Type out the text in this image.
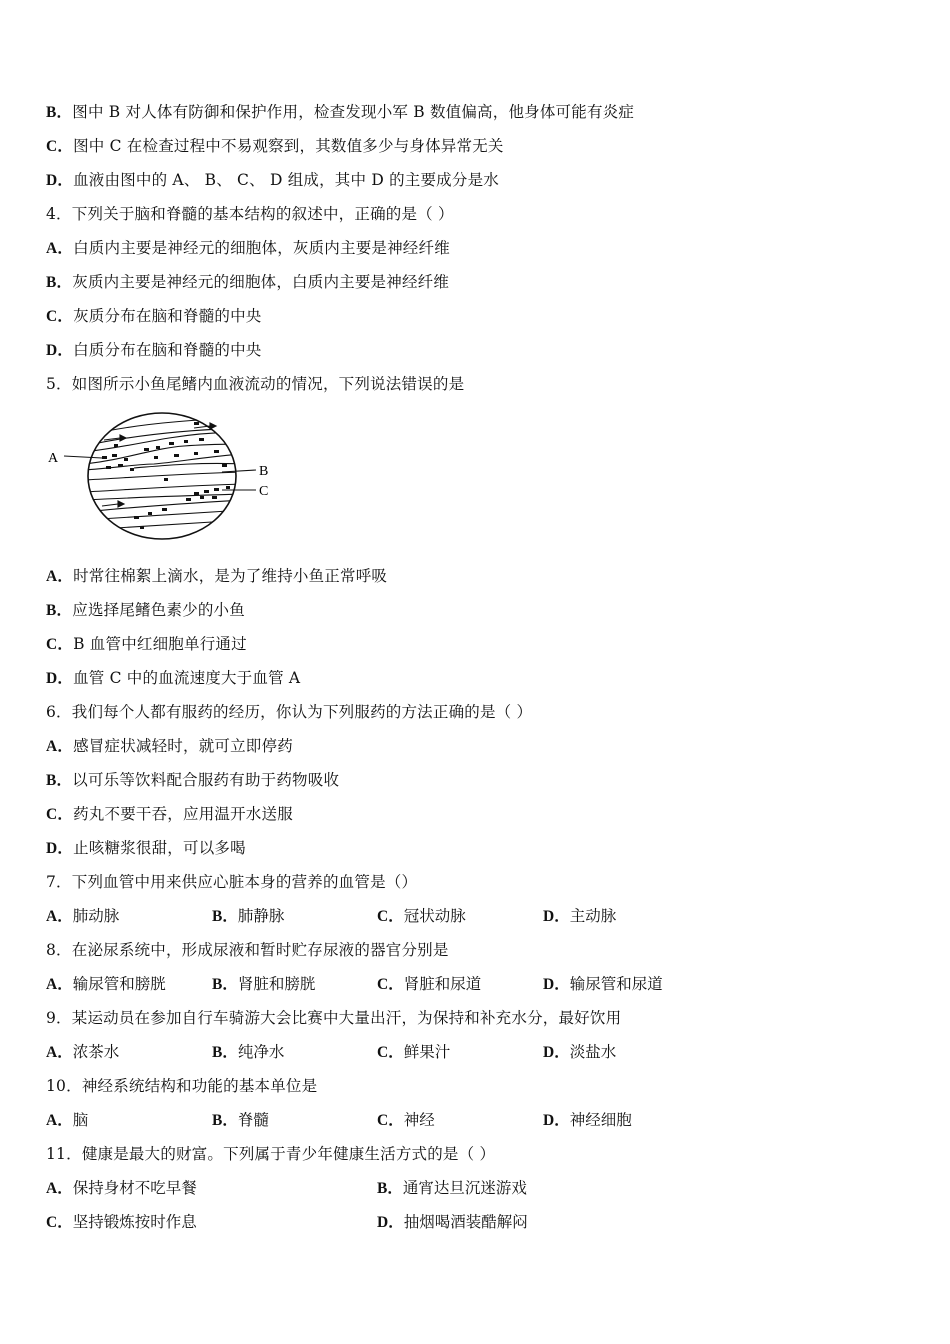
B．图中 B 对人体有防御和保护作用，检查发现小军 B 数值偏高，他身体可能有炎症
C．图中 C 在检查过程中不易观察到，其数值多少与身体异常无关
D．血液由图中的 A、 B、 C、 D 组成，其中 D 的主要成分是水
4．下列关于脑和脊髓的基本结构的叙述中，正确的是（ ）
A．白质内主要是神经元的细胞体，灰质内主要是神经纤维
B．灰质内主要是神经元的细胞体，白质内主要是神经纤维
C．灰质分布在脑和脊髓的中央
D．白质分布在脑和脊髓的中央
5．如图所示小鱼尾鳍内血液流动的情况，下列说法错误的是
A
B
C
A．时常往棉絮上滴水，是为了维持小鱼正常呼吸
B．应选择尾鳍色素少的小鱼
C．B 血管中红细胞单行通过
D．血管 C 中的血流速度大于血管 A
6．我们每个人都有服药的经历，你认为下列服药的方法正确的是（ ）
A．感冒症状减轻时，就可立即停药
B．以可乐等饮料配合服药有助于药物吸收
C．药丸不要干吞，应用温开水送服
D．止咳糖浆很甜，可以多喝
7．下列血管中用来供应心脏本身的营养的血管是（）
A．肺动脉	B．肺静脉	C．冠状动脉	D．主动脉
8．在泌尿系统中，形成尿液和暂时贮存尿液的器官分别是
A．输尿管和膀胱	B．肾脏和膀胱	C．肾脏和尿道	D．输尿管和尿道
9．某运动员在参加自行车骑游大会比赛中大量出汗，为保持和补充水分，最好饮用
A．浓茶水	B．纯净水	C．鲜果汁	D．淡盐水
10．神经系统结构和功能的基本单位是
A．脑	B．脊髓	C．神经	D．神经细胞
11．健康是最大的财富。下列属于青少年健康生活方式的是（ ）
A．保持身材不吃早餐	B．通宵达旦沉迷游戏
C．坚持锻炼按时作息	D．抽烟喝酒装酷解闷
